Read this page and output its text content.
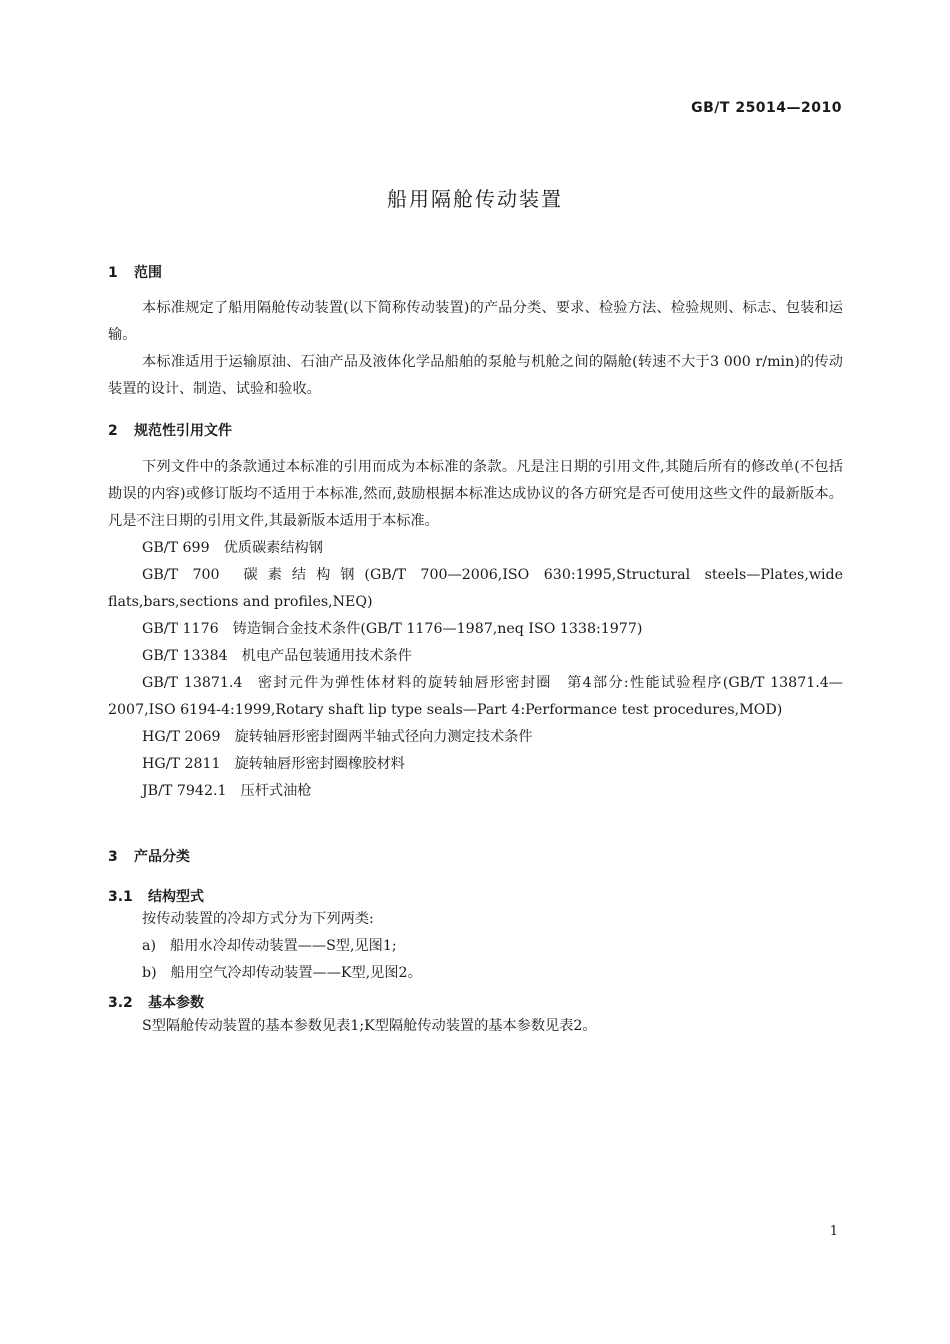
GB/T 25014—2010
船用隔舱传动装置
1 范围

本标准规定了船用隔舱传动装置(以下简称传动装置)的产品分类、要求、检验方法、检验规则、标志、包装和运输。

本标准适用于运输原油、石油产品及液体化学品船舶的泵舱与机舱之间的隔舱(转速不大于3 000 r/min)的传动装置的设计、制造、试验和验收。

2 规范性引用文件

下列文件中的条款通过本标准的引用而成为本标准的条款。凡是注日期的引用文件,其随后所有的修改单(不包括勘误的内容)或修订版均不适用于本标准,然而,鼓励根据本标准达成协议的各方研究是否可使用这些文件的最新版本。凡是不注日期的引用文件,其最新版本适用于本标准。

GB/T 699 优质碳素结构钢
GB/T 700 碳素结构钢(GB/T 700—2006,ISO 630:1995,Structural steels—Plates,wide flats,bars,sections and profiles,NEQ)
GB/T 1176 铸造铜合金技术条件(GB/T 1176—1987,neq ISO 1338:1977)
GB/T 13384 机电产品包装通用技术条件
GB/T 13871.4 密封元件为弹性体材料的旋转轴唇形密封圈　第4部分:性能试验程序(GB/T 13871.4—2007,ISO 6194-4:1999,Rotary shaft lip type seals—Part 4:Performance test procedures,MOD)
HG/T 2069 旋转轴唇形密封圈两半轴式径向力测定技术条件
HG/T 2811 旋转轴唇形密封圈橡胶材料
JB/T 7942.1 压杆式油枪
3 产品分类
3.1 结构型式

按传动装置的冷却方式分为下列两类:

a) 船用水冷却传动装置——S型,见图1;
b) 船用空气冷却传动装置——K型,见图2。
3.2 基本参数

S型隔舱传动装置的基本参数见表1;K型隔舱传动装置的基本参数见表2。

1
